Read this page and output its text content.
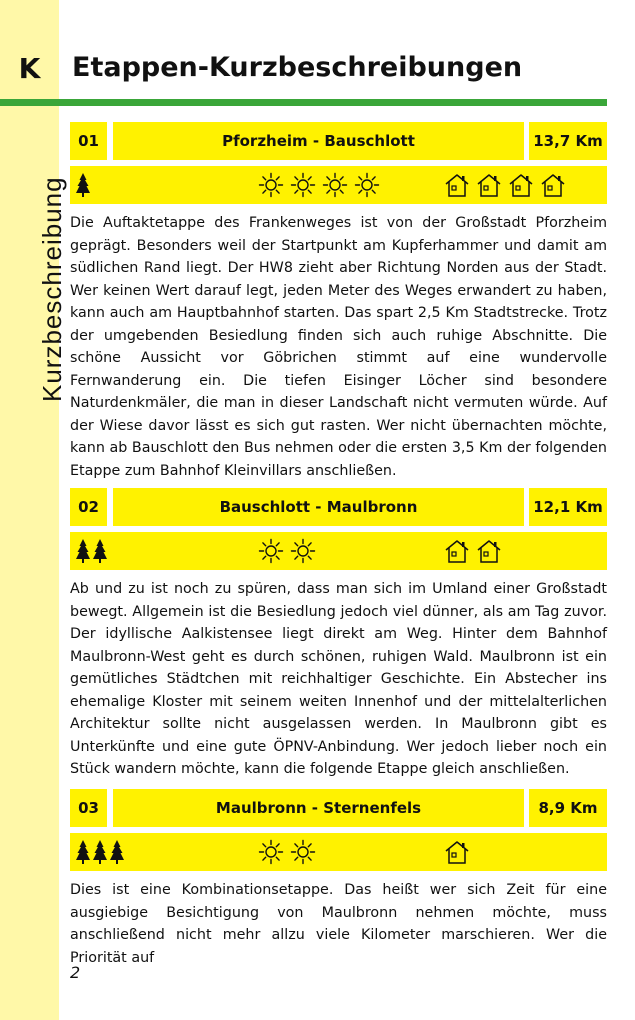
K
Kurzbeschreibung
Etappen-Kurzbeschreibungen
01	Pforzheim - Bauschlott	13,7 Km

Die Auftaktetappe des Frankenweges ist von der Großstadt Pforzheim geprägt. Besonders weil der Startpunkt am Kupferhammer und damit am südlichen Rand liegt. Der HW8 zieht aber Richtung Norden aus der Stadt. Wer keinen Wert darauf legt, jeden Meter des Weges erwandert zu haben, kann auch am Hauptbahnhof starten. Das spart 2,5 Km Stadtstrecke. Trotz der umgebenden Besiedlung finden sich auch ruhige Abschnitte. Die schöne Aussicht vor Göbrichen stimmt auf eine wundervolle Fernwanderung ein. Die tiefen Eisinger Löcher sind besondere Naturdenkmäler, die man in dieser Landschaft nicht vermuten würde. Auf der Wiese davor lässt es sich gut rasten. Wer nicht übernachten möchte, kann ab Bauschlott den Bus nehmen oder die ersten 3,5 Km der folgenden Etappe zum Bahnhof Kleinvillars anschließen.

02	Bauschlott - Maulbronn	12,1 Km

Ab und zu ist noch zu spüren, dass man sich im Umland einer Großstadt bewegt. Allgemein ist die Besiedlung jedoch viel dünner, als am Tag zuvor. Der idyllische Aalkistensee liegt direkt am Weg. Hinter dem Bahnhof Maulbronn-West geht es durch schönen, ruhigen Wald. Maulbronn ist ein gemütliches Städtchen mit reichhaltiger Geschichte. Ein Abstecher ins ehemalige Kloster mit seinem weiten Innenhof und der mittelalterlichen Architektur sollte nicht ausgelassen werden. In Maulbronn gibt es Unterkünfte und eine gute ÖPNV-Anbindung. Wer jedoch lieber noch ein Stück wandern möchte, kann die folgende Etappe gleich anschließen.

03	Maulbronn - Sternenfels	8,9 Km

Dies ist eine Kombinationsetappe. Das heißt wer sich Zeit für eine ausgiebige Besichtigung von Maulbronn nehmen möchte, muss anschließend nicht mehr allzu viele Kilometer marschieren. Wer die Priorität auf

2
